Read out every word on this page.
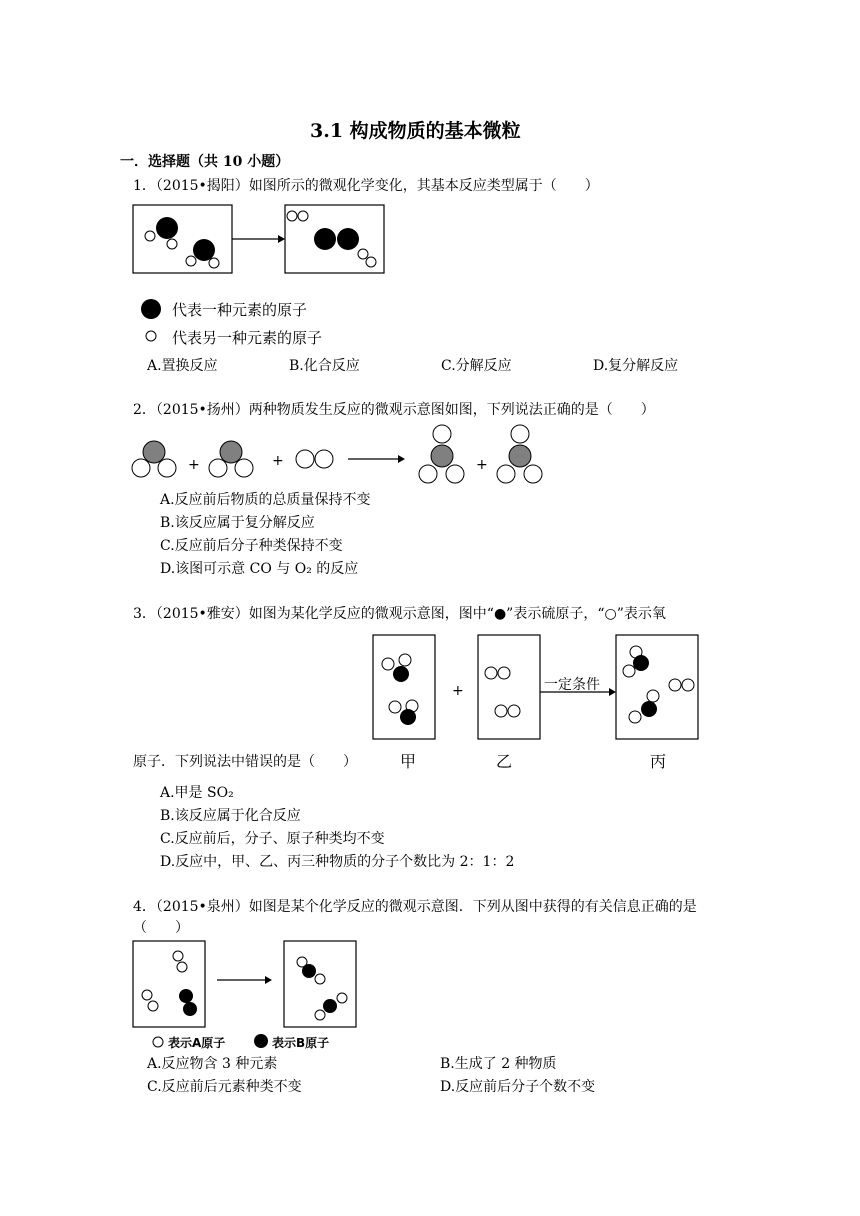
3.1 构成物质的基本微粒
一．选择题（共 10 小题）
1．（2015•揭阳）如图所示的微观化学变化，其基本反应类型属于（　　）
代表一种元素的原子
代表另一种元素的原子
A.置换反应	B.化合反应	C.分解反应	D.复分解反应
2．（2015•扬州）两种物质发生反应的微观示意图如图，下列说法正确的是（　　）
+	+	+
A.反应前后物质的总质量保持不变
B.该反应属于复分解反应
C.反应前后分子种类保持不变
D.该图可示意 CO 与 O₂ 的反应
3．（2015•雅安）如图为某化学反应的微观示意图，图中“●”表示硫原子，“○”表示氧
+	一定条件
原子．下列说法中错误的是（　　）	甲	乙	丙
A.甲是 SO₂
B.该反应属于化合反应
C.反应前后，分子、原子种类均不变
D.反应中，甲、乙、丙三种物质的分子个数比为 2：1：2
4．（2015•泉州）如图是某个化学反应的微观示意图．下列从图中获得的有关信息正确的是
（　　）
表示A原子	表示B原子
A.反应物含 3 种元素	B.生成了 2 种物质
C.反应前后元素种类不变	D.反应前后分子个数不变
